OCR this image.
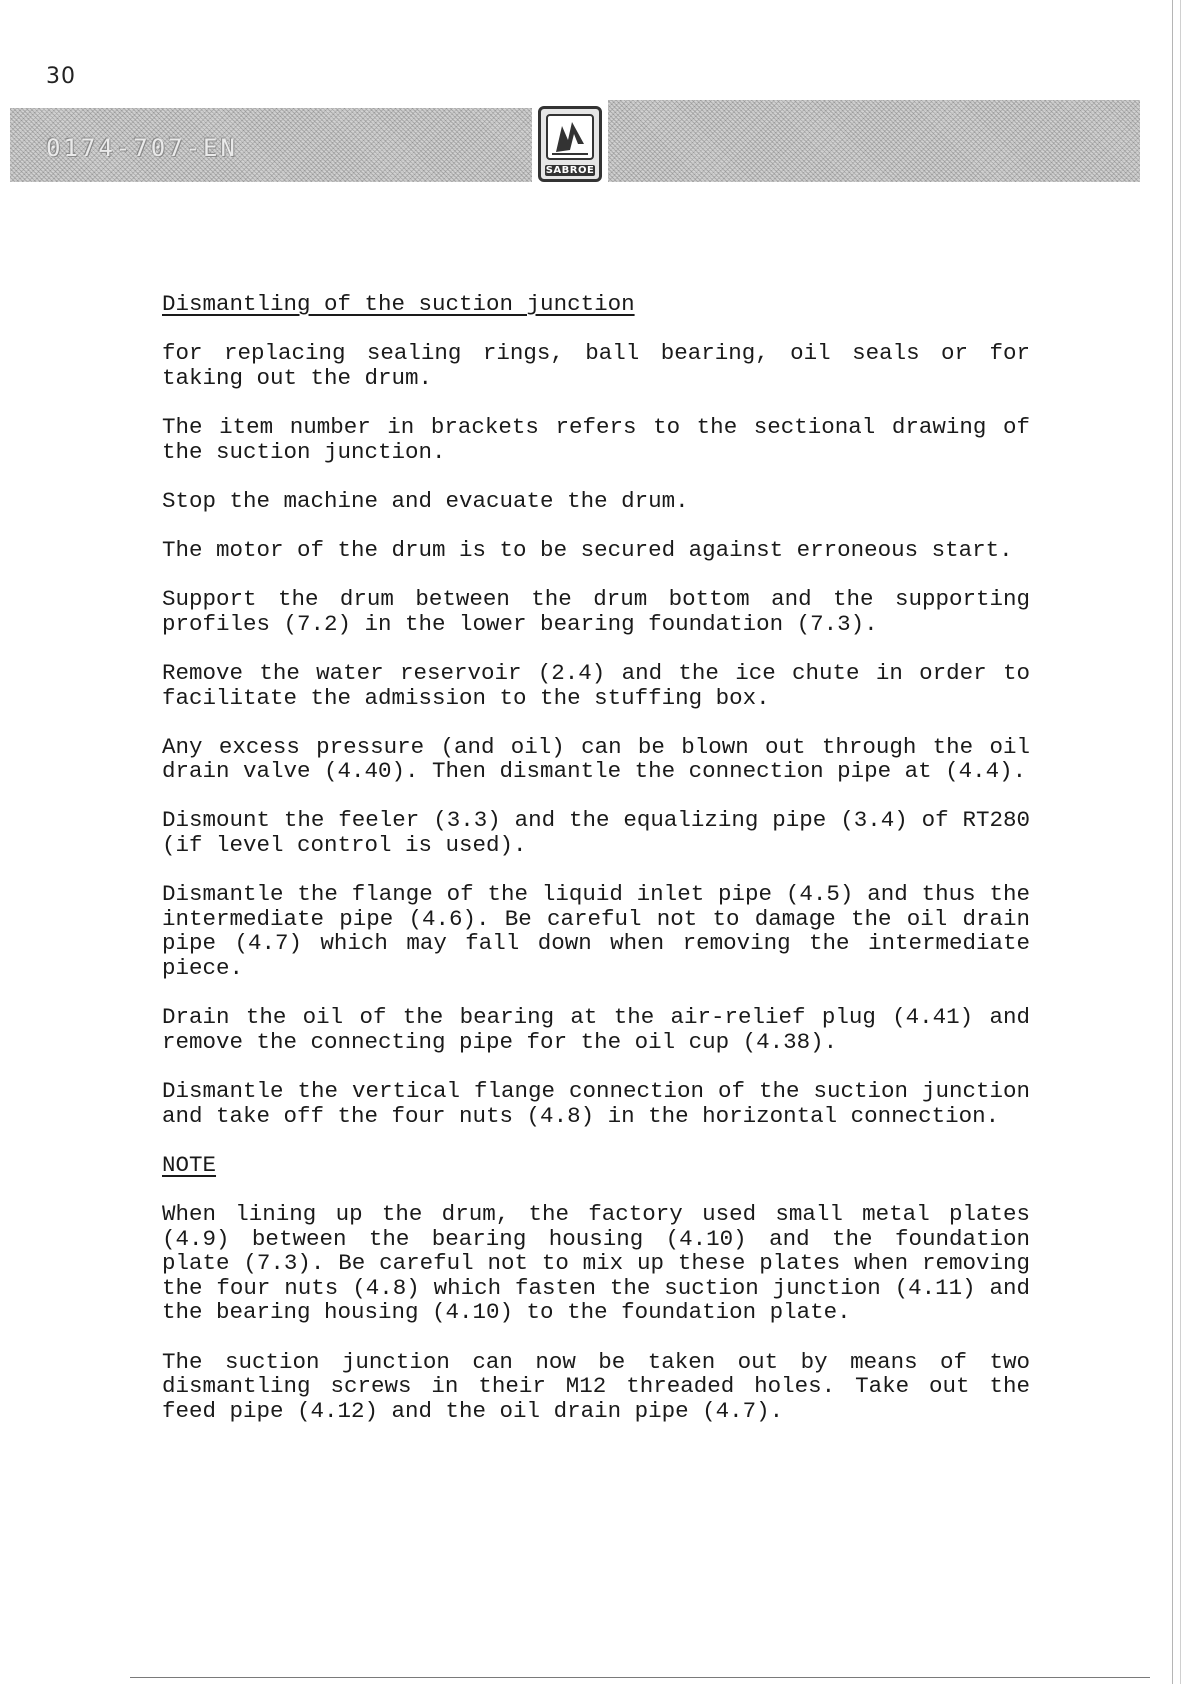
30
0174-707-EN
SABROE
Dismantling of the suction junction

for replacing sealing rings, ball bearing, oil seals or for taking out the drum.

The item number in brackets refers to the sectional drawing of the suction junction.

Stop the machine and evacuate the drum.

The motor of the drum is to be secured against erroneous start.

Support the drum between the drum bottom and the supporting profiles (7.2) in the lower bearing foundation (7.3).

Remove the water reservoir (2.4) and the ice chute in order to facilitate the admission to the stuffing box.

Any excess pressure (and oil) can be blown out through the oil drain valve (4.40). Then dismantle the connection pipe at (4.4).

Dismount the feeler (3.3) and the equalizing pipe (3.4) of RT280 (if level control is used).

Dismantle the flange of the liquid inlet pipe (4.5) and thus the intermediate pipe (4.6). Be careful not to damage the oil drain pipe (4.7) which may fall down when removing the intermediate piece.

Drain the oil of the bearing at the air-relief plug (4.41) and remove the connecting pipe for the oil cup (4.38).

Dismantle the vertical flange connection of the suction junction and take off the four nuts (4.8) in the horizontal connection.

NOTE

When lining up the drum, the factory used small metal plates (4.9) between the bearing housing (4.10) and the foundation plate (7.3). Be careful not to mix up these plates when removing the four nuts (4.8) which fasten the suction junction (4.11) and the bearing housing (4.10) to the foundation plate.

The suction junction can now be taken out by means of two dismantling screws in their M12 threaded holes. Take out the feed pipe (4.12) and the oil drain pipe (4.7).
